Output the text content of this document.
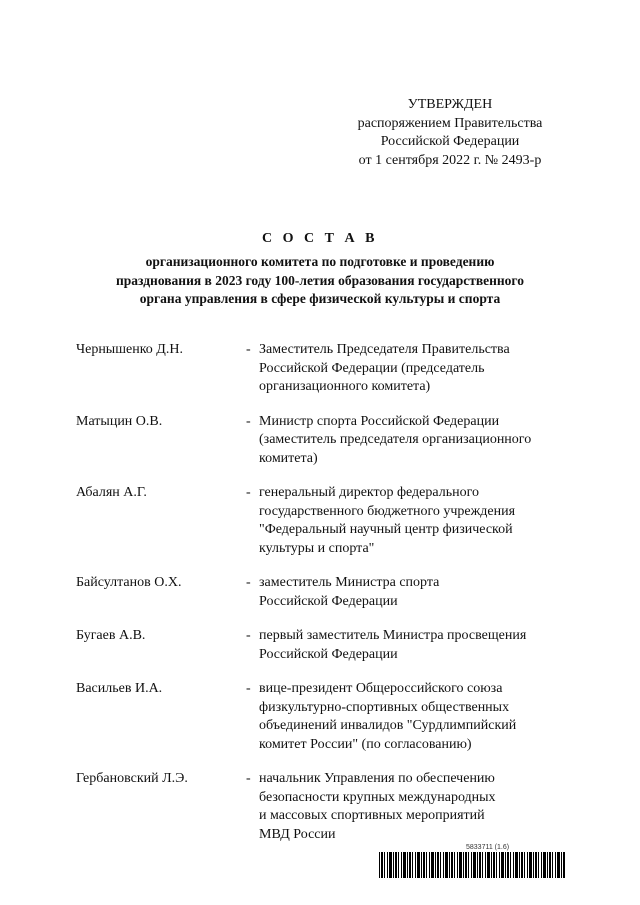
УТВЕРЖДЕН
распоряжением Правительства
Российской Федерации
от 1 сентября 2022 г. № 2493-р
С О С Т А В
организационного комитета по подготовке и проведению
празднования в 2023 году 100-летия образования государственного
органа управления в сфере физической культуры и спорта
Чернышенко Д.Н.	- Заместитель Председателя Правительства
Российской Федерации (председатель
организационного комитета)
Матыцин О.В.	- Министр спорта Российской Федерации
(заместитель председателя организационного
комитета)
Абалян А.Г.	- генеральный директор федерального
государственного бюджетного учреждения
"Федеральный научный центр физической
культуры и спорта"
Байсултанов О.Х.	- заместитель Министра спорта
Российской Федерации
Бугаев А.В.	- первый заместитель Министра просвещения
Российской Федерации
Васильев И.А.	- вице-президент Общероссийского союза
физкультурно-спортивных общественных
объединений инвалидов "Сурдлимпийский
комитет России" (по согласованию)
Гербановский Л.Э.	- начальник Управления по обеспечению
безопасности крупных международных
и массовых спортивных мероприятий
МВД России
5833711 (1.6)
